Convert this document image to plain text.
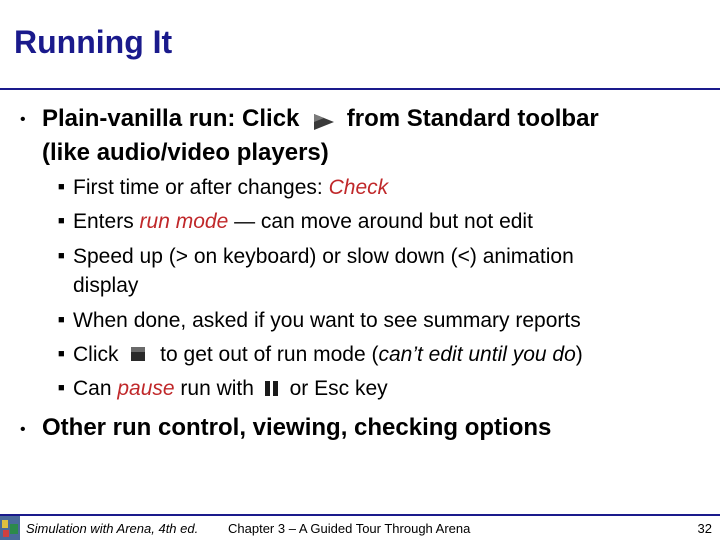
Running It
• Plain-vanilla run: Click  from Standard toolbar
(like audio/video players)
■ First time or after changes: Check
■ Enters run mode — can move around but not edit
■ Speed up (> on keyboard) or slow down (<) animation
display
■ When done, asked if you want to see summary reports
■ Click  to get out of run mode (can’t edit until you do)
■ Can pause run with  or Esc key
• Other run control, viewing, checking options
Simulation with Arena, 4th ed. Chapter 3 – A Guided Tour Through Arena	32
